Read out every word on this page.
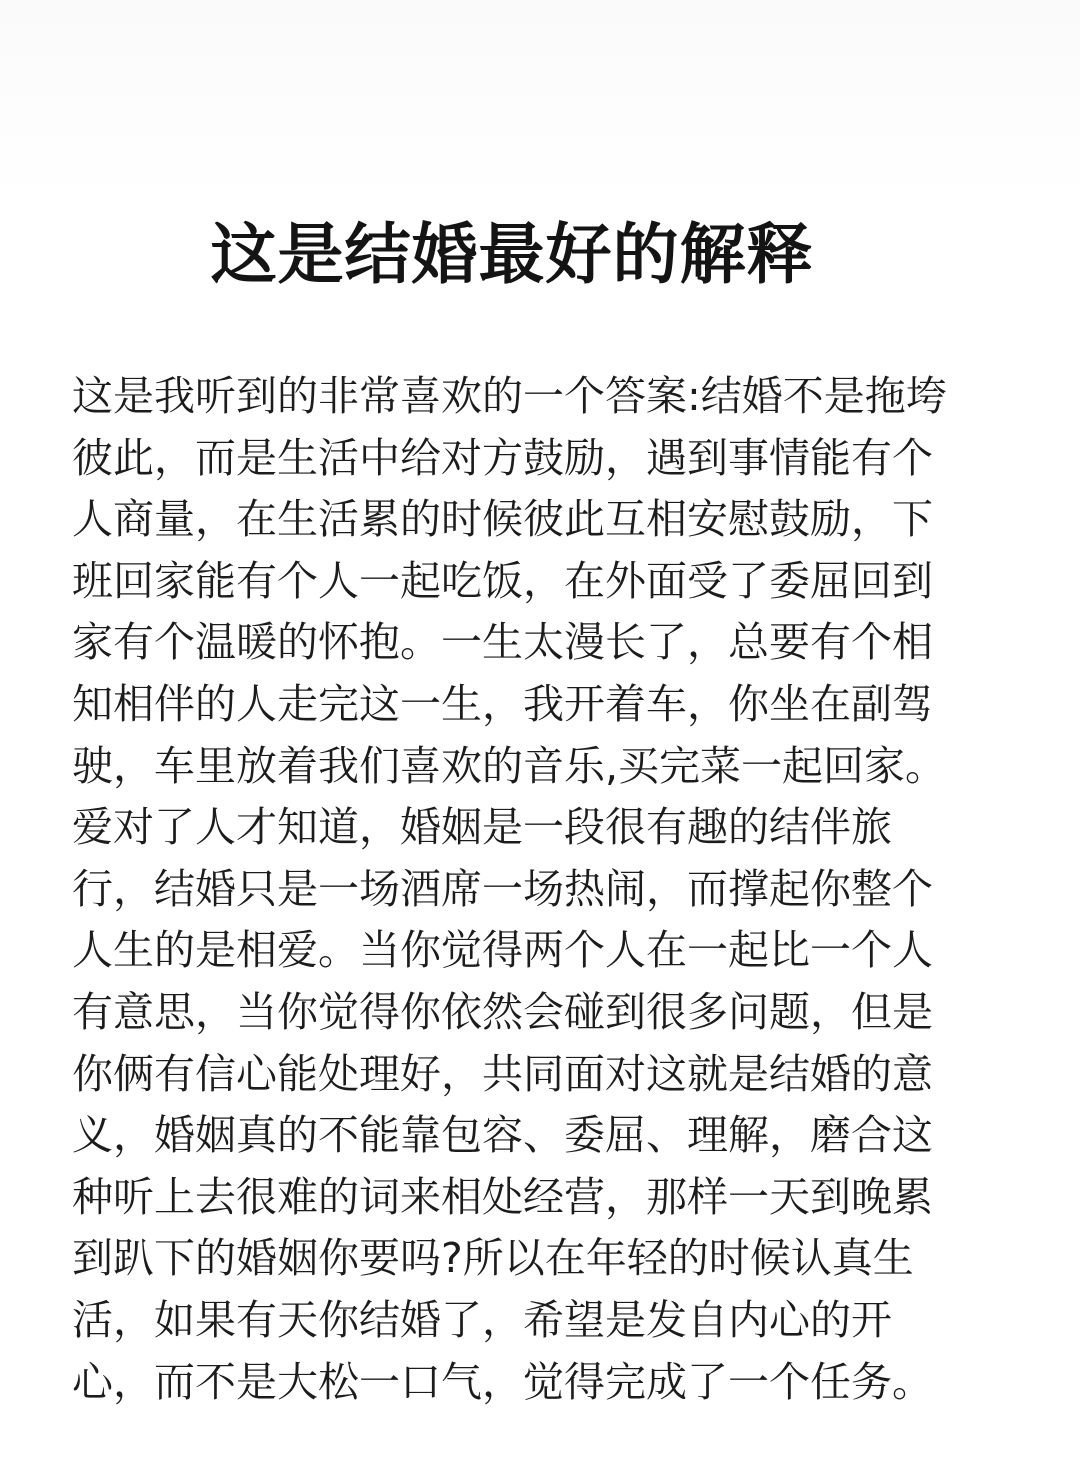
这是结婚最好的解释
这是我听到的非常喜欢的一个答案:结婚不是拖垮
彼此，而是生活中给对方鼓励，遇到事情能有个
人商量，在生活累的时候彼此互相安慰鼓励，下
班回家能有个人一起吃饭，在外面受了委屈回到
家有个温暖的怀抱。一生太漫长了，总要有个相
知相伴的人走完这一生，我开着车，你坐在副驾
驶，车里放着我们喜欢的音乐,买完菜一起回家。
爱对了人才知道，婚姻是一段很有趣的结伴旅
行，结婚只是一场酒席一场热闹，而撑起你整个
人生的是相爱。当你觉得两个人在一起比一个人
有意思，当你觉得你依然会碰到很多问题，但是
你俩有信心能处理好，共同面对这就是结婚的意
义，婚姻真的不能靠包容、委屈、理解，磨合这
种听上去很难的词来相处经营，那样一天到晚累
到趴下的婚姻你要吗?所以在年轻的时候认真生
活，如果有天你结婚了，希望是发自内心的开
心，而不是大松一口气，觉得完成了一个任务。
